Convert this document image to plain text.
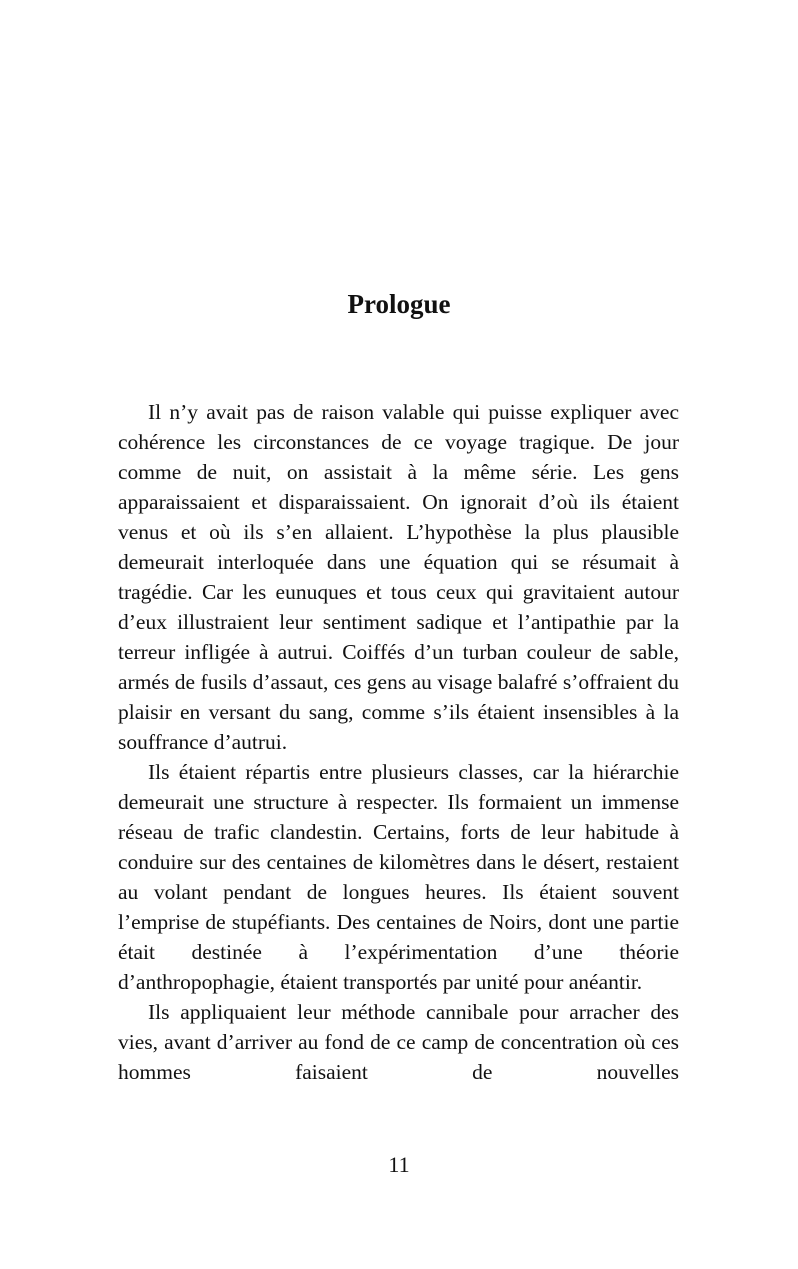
Prologue

Il n’y avait pas de raison valable qui puisse expliquer avec cohérence les circonstances de ce voyage tragique. De jour comme de nuit, on assistait à la même série. Les gens apparaissaient et disparaissaient. On ignorait d’où ils étaient venus et où ils s’en allaient. L’hypothèse la plus plausible demeurait interloquée dans une équation qui se résumait à tragédie. Car les eunuques et tous ceux qui gravitaient autour d’eux illustraient leur sentiment sadique et l’antipathie par la terreur infligée à autrui. Coiffés d’un turban couleur de sable, armés de fusils d’assaut, ces gens au visage balafré s’offraient du plaisir en versant du sang, comme s’ils étaient insensibles à la souffrance d’autrui.

Ils étaient répartis entre plusieurs classes, car la hiérarchie demeurait une structure à respecter. Ils formaient un immense réseau de trafic clandestin. Certains, forts de leur habitude à conduire sur des centaines de kilomètres dans le désert, restaient au volant pendant de longues heures. Ils étaient souvent l’emprise de stupéfiants. Des centaines de Noirs, dont une partie était destinée à l’expérimentation d’une théorie d’anthropophagie, étaient transportés par unité pour anéantir.

Ils appliquaient leur méthode cannibale pour arracher des vies, avant d’arriver au fond de ce camp de concentration où ces hommes faisaient de nouvelles

11
